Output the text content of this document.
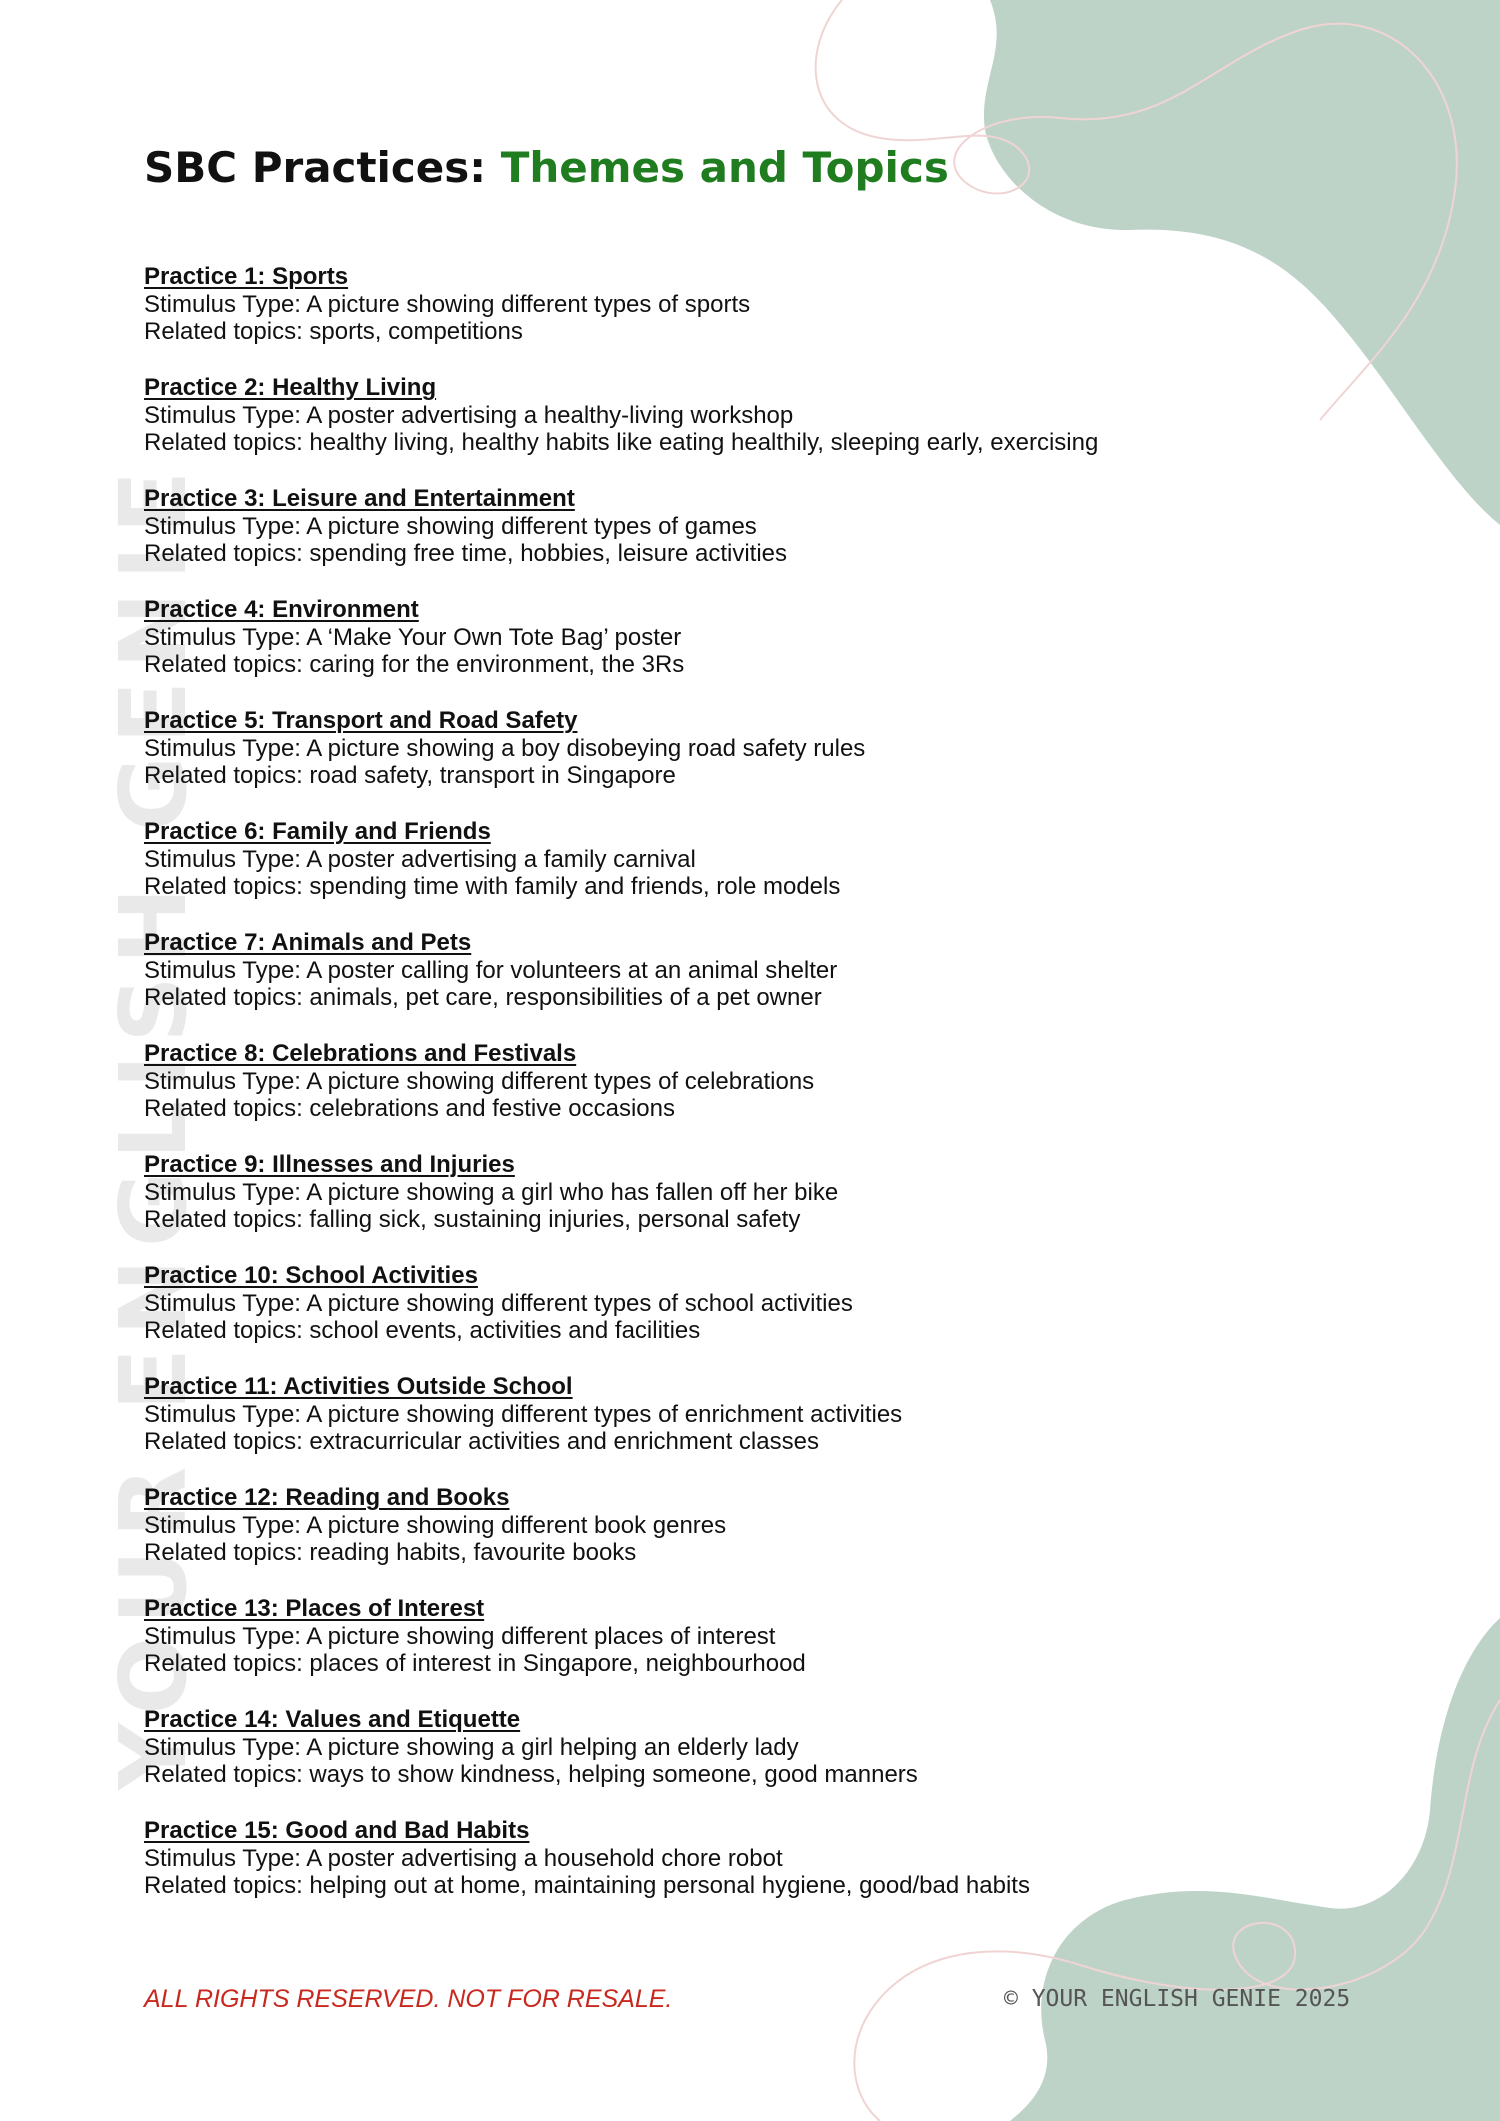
YOUR ENGLISH GENIE
SBC Practices: Themes and Topics
Practice 1: Sports
Stimulus Type: A picture showing different types of sports
Related topics: sports, competitions
Practice 2: Healthy Living
Stimulus Type: A poster advertising a healthy-living workshop
Related topics: healthy living, healthy habits like eating healthily, sleeping early, exercising
Practice 3: Leisure and Entertainment
Stimulus Type: A picture showing different types of games
Related topics: spending free time, hobbies, leisure activities
Practice 4: Environment
Stimulus Type: A ‘Make Your Own Tote Bag’ poster
Related topics: caring for the environment, the 3Rs
Practice 5: Transport and Road Safety
Stimulus Type: A picture showing a boy disobeying road safety rules
Related topics: road safety, transport in Singapore
Practice 6: Family and Friends
Stimulus Type: A poster advertising a family carnival
Related topics: spending time with family and friends, role models
Practice 7: Animals and Pets
Stimulus Type: A poster calling for volunteers at an animal shelter
Related topics: animals, pet care, responsibilities of a pet owner
Practice 8: Celebrations and Festivals
Stimulus Type: A picture showing different types of celebrations
Related topics: celebrations and festive occasions
Practice 9: Illnesses and Injuries
Stimulus Type: A picture showing a girl who has fallen off her bike
Related topics: falling sick, sustaining injuries, personal safety
Practice 10: School Activities
Stimulus Type: A picture showing different types of school activities
Related topics: school events, activities and facilities
Practice 11: Activities Outside School
Stimulus Type: A picture showing different types of enrichment activities
Related topics: extracurricular activities and enrichment classes
Practice 12: Reading and Books
Stimulus Type: A picture showing different book genres
Related topics: reading habits, favourite books
Practice 13: Places of Interest
Stimulus Type: A picture showing different places of interest
Related topics: places of interest in Singapore, neighbourhood
Practice 14: Values and Etiquette
Stimulus Type: A picture showing a girl helping an elderly lady
Related topics: ways to show kindness, helping someone, good manners
Practice 15: Good and Bad Habits
Stimulus Type: A poster advertising a household chore robot
Related topics: helping out at home, maintaining personal hygiene, good/bad habits
ALL RIGHTS RESERVED. NOT FOR RESALE.	© YOUR ENGLISH GENIE 2025
